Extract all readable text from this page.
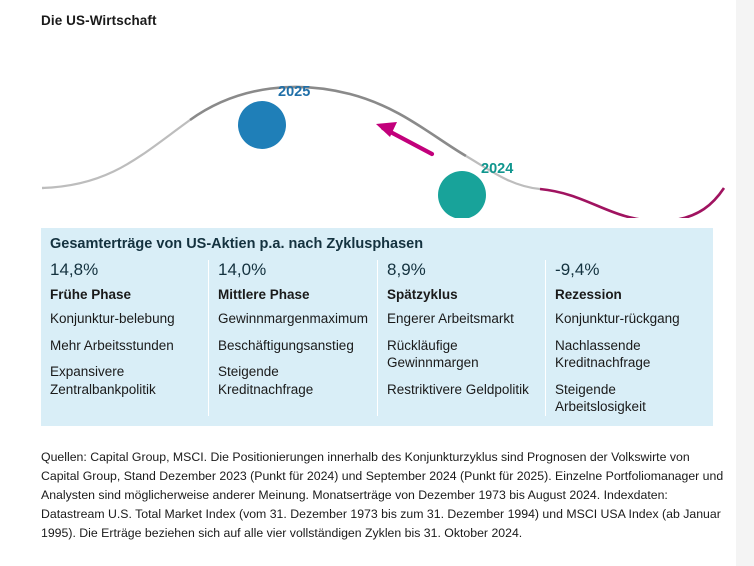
Die US-Wirtschaft
2025
2024
Gesamterträge von US-Aktien p.a. nach Zyklusphasen
14,8%
Frühe Phase
Konjunktur-belebung
Mehr Arbeitsstunden
Expansivere Zentralbankpolitik
14,0%
Mittlere Phase
Gewinnmargenmaximum
Beschäftigungsanstieg
Steigende Kreditnachfrage
8,9%
Spätzyklus
Engerer Arbeitsmarkt
Rückläufige Gewinnmargen
Restriktivere Geldpolitik
-9,4%
Rezession
Konjunktur-rückgang
Nachlassende Kreditnachfrage
Steigende Arbeitslosigkeit
Quellen: Capital Group, MSCI. Die Positionierungen innerhalb des Konjunkturzyklus sind Prognosen der Volkswirte von Capital Group, Stand Dezember 2023 (Punkt für 2024) und September 2024 (Punkt für 2025). Einzelne Portfoliomanager und Analysten sind möglicherweise anderer Meinung. Monatserträge von Dezember 1973 bis August 2024. Indexdaten: Datastream U.S. Total Market Index (vom 31. Dezember 1973 bis zum 31. Dezember 1994) und MSCI USA Index (ab Januar 1995). Die Erträge beziehen sich auf alle vier vollständigen Zyklen bis 31. Oktober 2024.
